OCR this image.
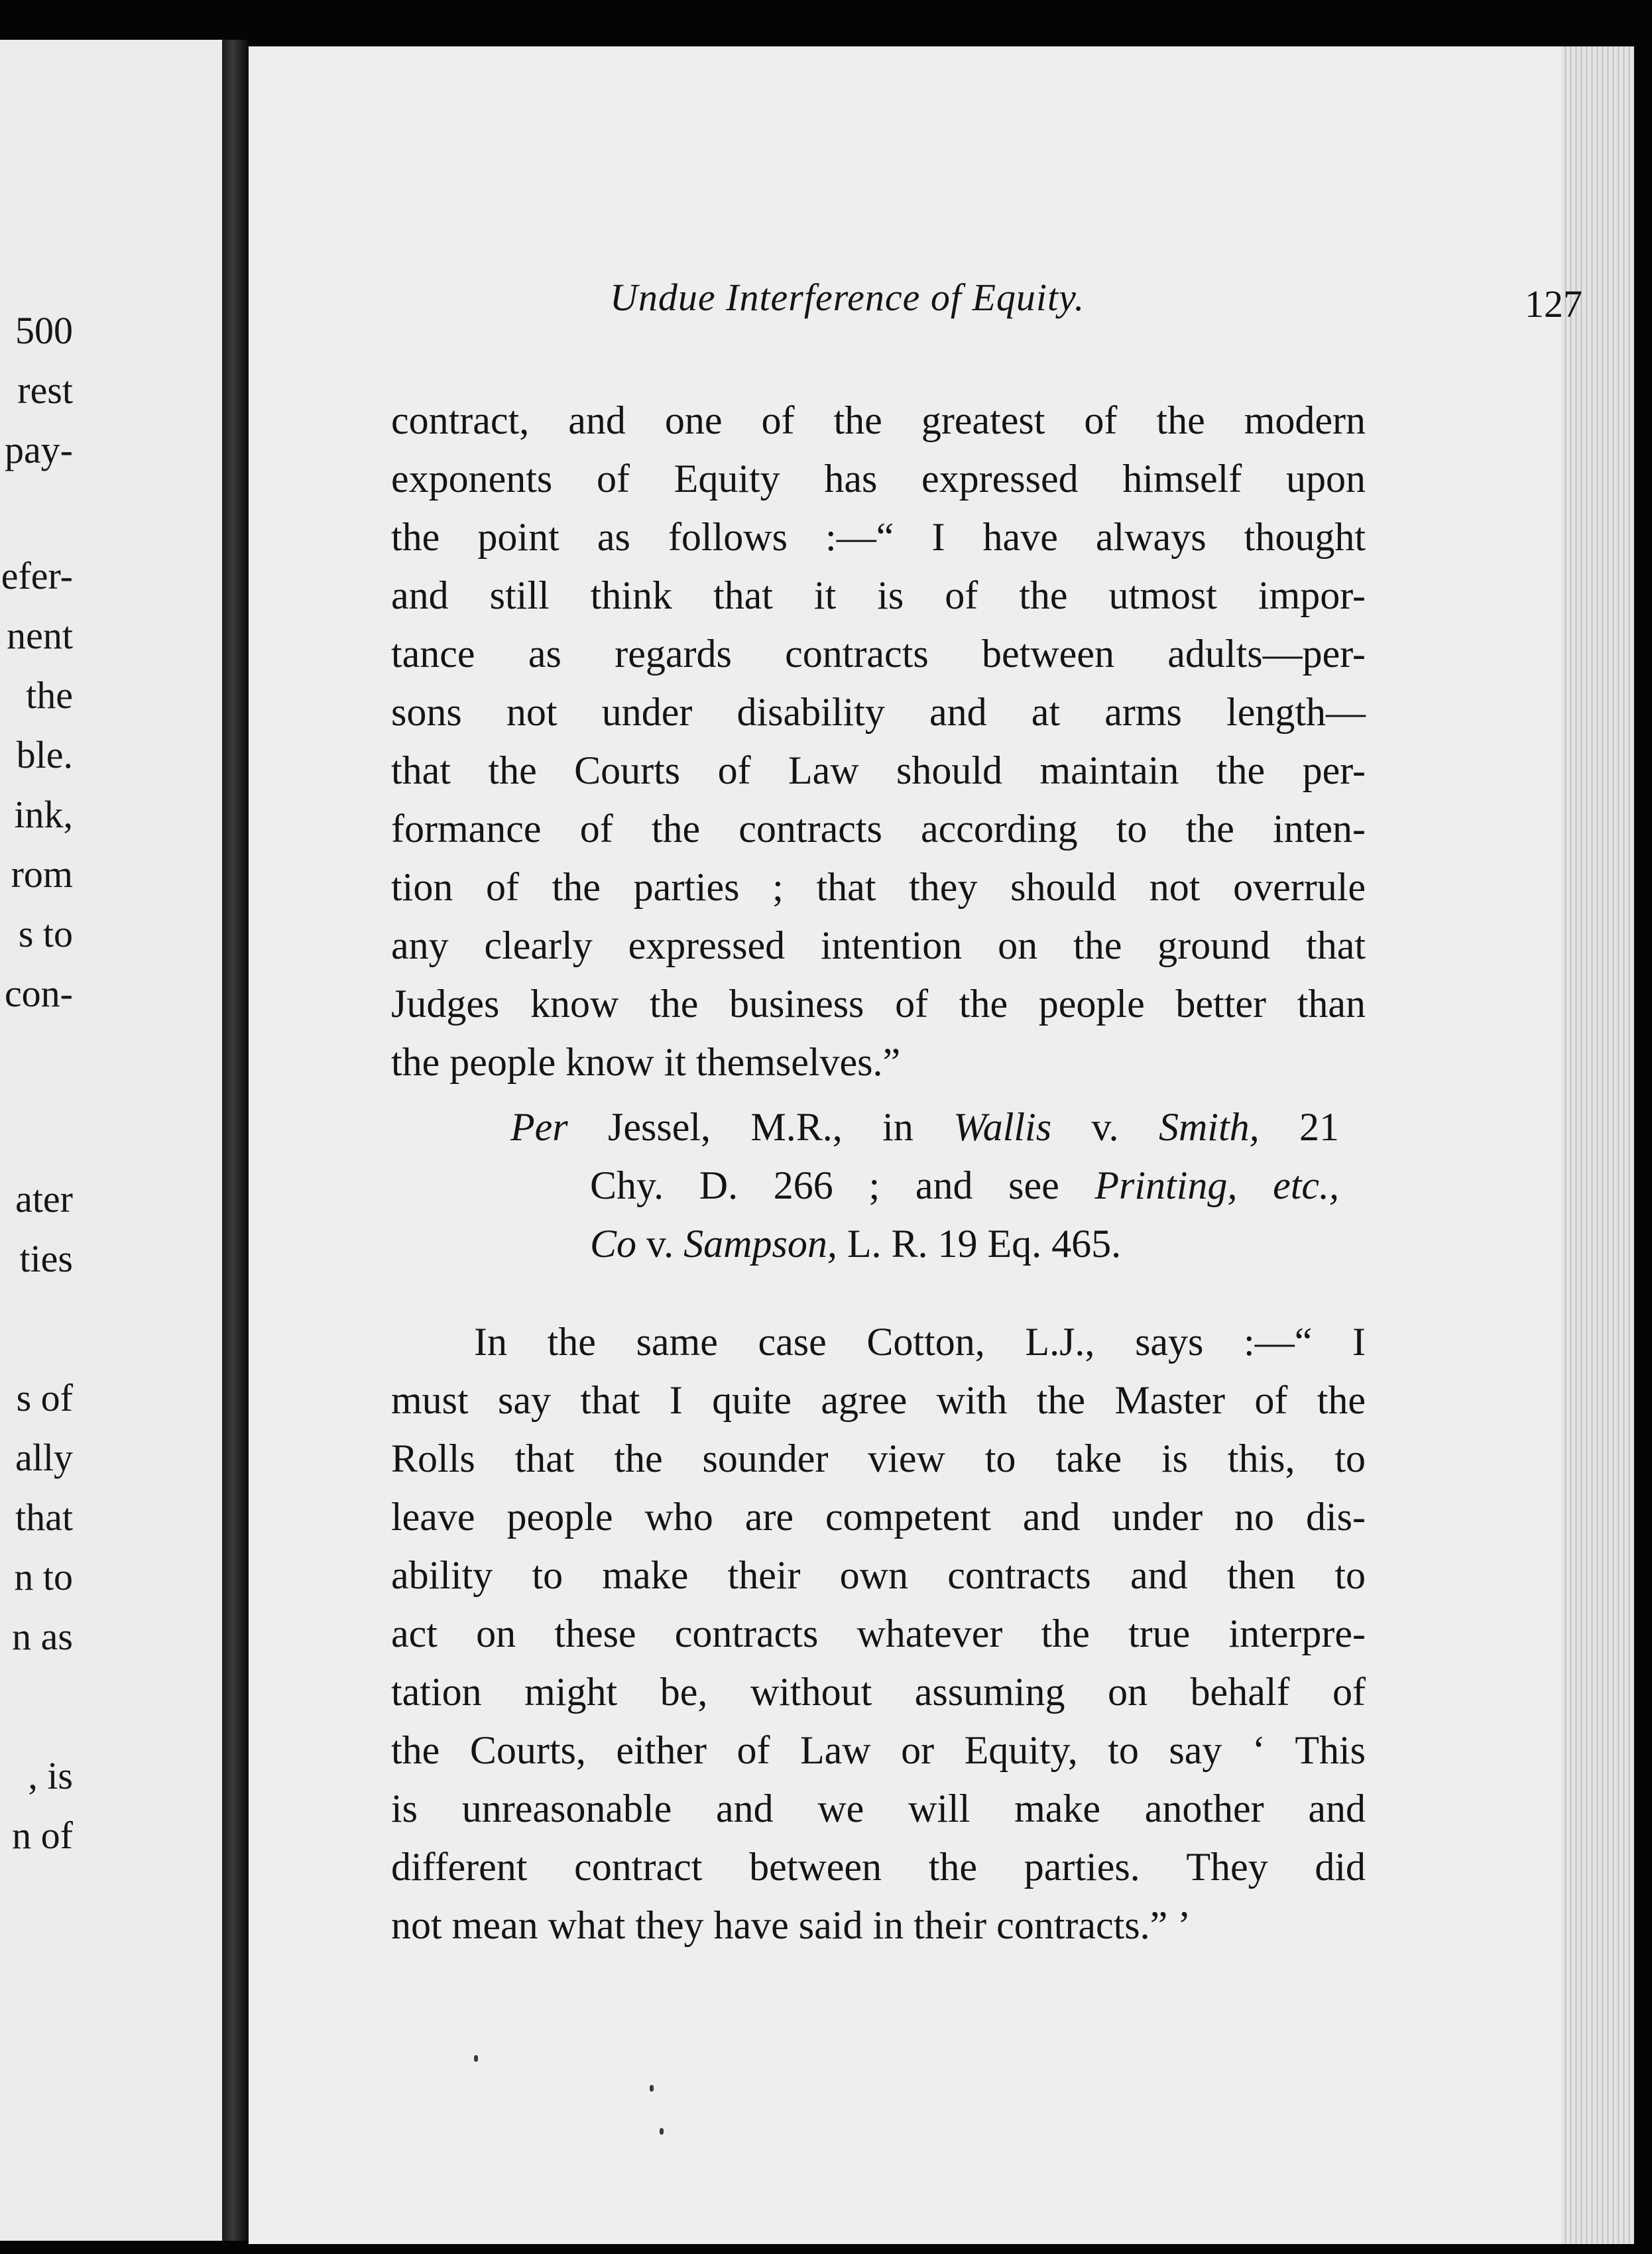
500
rest
pay-
efer-
nent
the
ble.
ink,
rom
s to
con-
ater
ties
s of
ally
that
n to
n as
, is
n of
Undue Interference of Equity.	127
contract, and one of the greatest of the modern
exponents of Equity has expressed himself upon
the point as follows :—“ I have always thought
and still think that it is of the utmost impor-
tance as regards contracts between adults—per-
sons not under disability and at arms length—
that the Courts of Law should maintain the per-
formance of the contracts according to the inten-
tion of the parties ; that they should not overrule
any clearly expressed intention on the ground that
Judges know the business of the people better than
the people know it themselves.”
Per Jessel, M.R., in Wallis v. Smith, 21
Chy. D. 266 ; and see Printing, etc.,
Co v. Sampson, L. R. 19 Eq. 465.
In the same case Cotton, L.J., says :—“ I
must say that I quite agree with the Master of the
Rolls that the sounder view to take is this, to
leave people who are competent and under no dis-
ability to make their own contracts and then to
act on these contracts whatever the true interpre-
tation might be, without assuming on behalf of
the Courts, either of Law or Equity, to say ‘ This
is unreasonable and we will make another and
different contract between the parties. They did
not mean what they have said in their contracts.” ’
